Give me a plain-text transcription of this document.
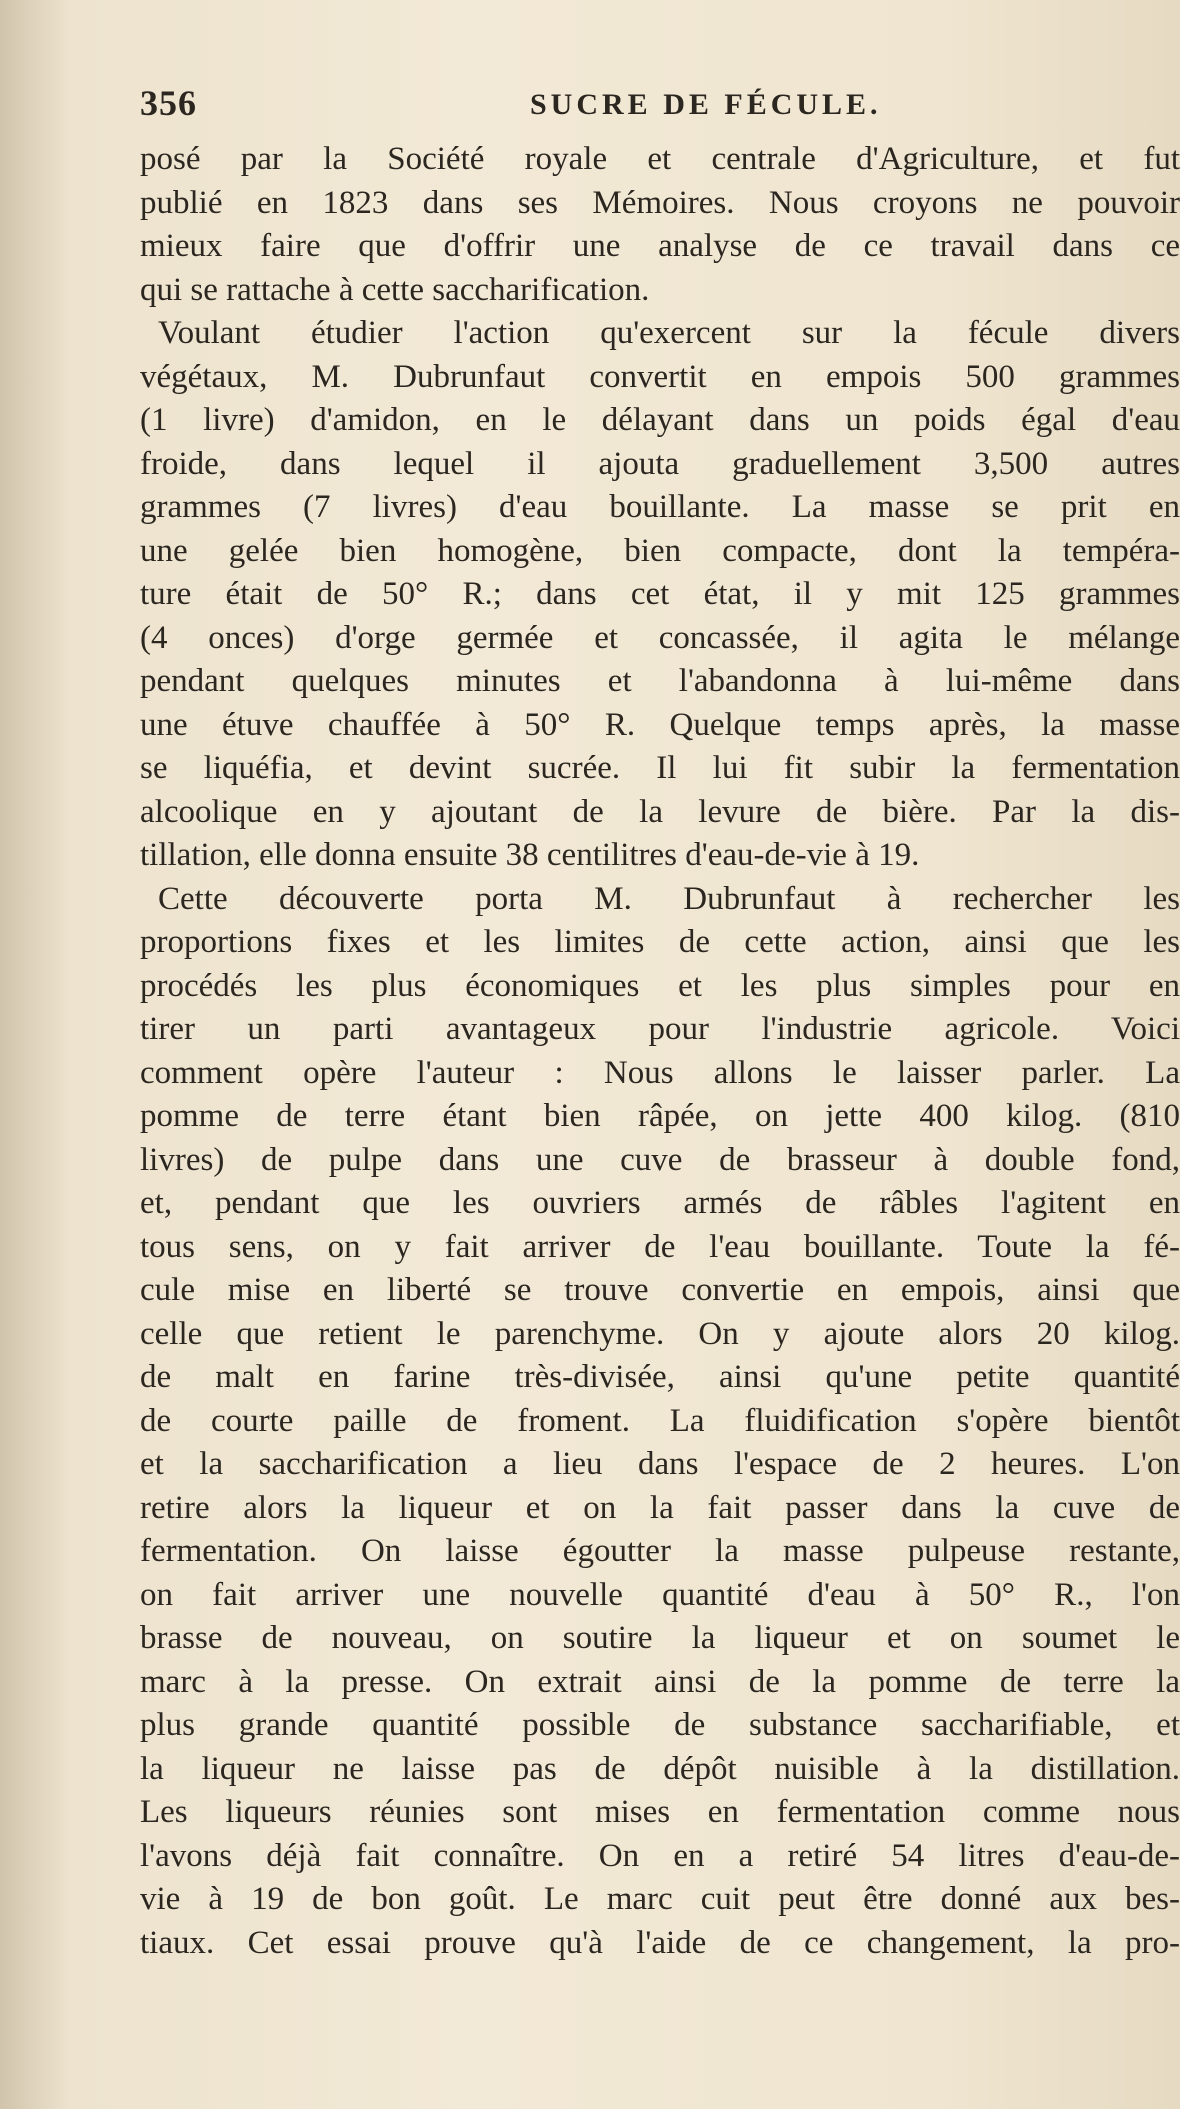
356	SUCRE DE FÉCULE.
posé par la Société royale et centrale d'Agriculture, et fut
publié en 1823 dans ses Mémoires. Nous croyons ne pouvoir
mieux faire que d'offrir une analyse de ce travail dans ce
qui se rattache à cette saccharification.
Voulant étudier l'action qu'exercent sur la fécule divers
végétaux, M. Dubrunfaut convertit en empois 500 grammes
(1 livre) d'amidon, en le délayant dans un poids égal d'eau
froide, dans lequel il ajouta graduellement 3,500 autres
grammes (7 livres) d'eau bouillante. La masse se prit en
une gelée bien homogène, bien compacte, dont la tempéra-
ture était de 50° R.; dans cet état, il y mit 125 grammes
(4 onces) d'orge germée et concassée, il agita le mélange
pendant quelques minutes et l'abandonna à lui-même dans
une étuve chauffée à 50° R. Quelque temps après, la masse
se liquéfia, et devint sucrée. Il lui fit subir la fermentation
alcoolique en y ajoutant de la levure de bière. Par la dis-
tillation, elle donna ensuite 38 centilitres d'eau-de-vie à 19.
Cette découverte porta M. Dubrunfaut à rechercher les
proportions fixes et les limites de cette action, ainsi que les
procédés les plus économiques et les plus simples pour en
tirer un parti avantageux pour l'industrie agricole. Voici
comment opère l'auteur : Nous allons le laisser parler. La
pomme de terre étant bien râpée, on jette 400 kilog. (810
livres) de pulpe dans une cuve de brasseur à double fond,
et, pendant que les ouvriers armés de râbles l'agitent en
tous sens, on y fait arriver de l'eau bouillante. Toute la fé-
cule mise en liberté se trouve convertie en empois, ainsi que
celle que retient le parenchyme. On y ajoute alors 20 kilog.
de malt en farine très-divisée, ainsi qu'une petite quantité
de courte paille de froment. La fluidification s'opère bientôt
et la saccharification a lieu dans l'espace de 2 heures. L'on
retire alors la liqueur et on la fait passer dans la cuve de
fermentation. On laisse égoutter la masse pulpeuse restante,
on fait arriver une nouvelle quantité d'eau à 50° R., l'on
brasse de nouveau, on soutire la liqueur et on soumet le
marc à la presse. On extrait ainsi de la pomme de terre la
plus grande quantité possible de substance saccharifiable, et
la liqueur ne laisse pas de dépôt nuisible à la distillation.
Les liqueurs réunies sont mises en fermentation comme nous
l'avons déjà fait connaître. On en a retiré 54 litres d'eau-de-
vie à 19 de bon goût. Le marc cuit peut être donné aux bes-
tiaux. Cet essai prouve qu'à l'aide de ce changement, la pro-
